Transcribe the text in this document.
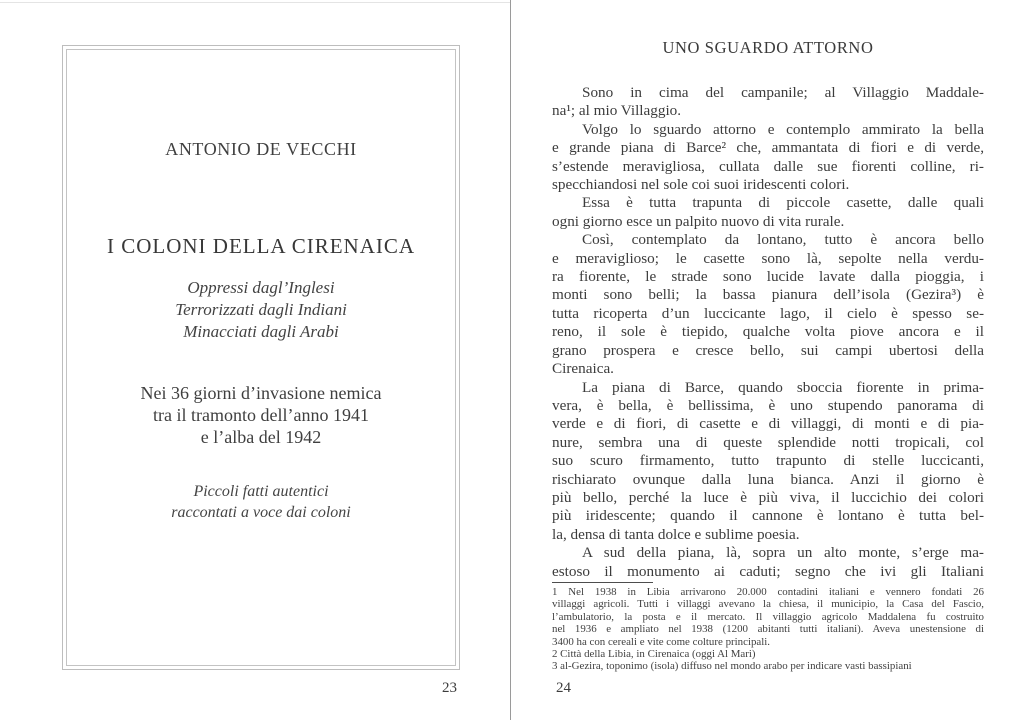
ANTONIO DE VECCHI
I COLONI DELLA CIRENAICA
Oppressi dagl’Inglesi
Terrorizzati dagli Indiani
Minacciati dagli Arabi
Nei 36 giorni d’invasione nemica
tra il tramonto dell’anno 1941
e l’alba del 1942
Piccoli fatti autentici
raccontati a voce dai coloni
23
UNO SGUARDO ATTORNO
Sono in cima del campanile; al Villaggio Maddale-
na¹; al mio Villaggio.
Volgo lo sguardo attorno e contemplo ammirato la bella
e grande piana di Barce² che, ammantata di fiori e di verde,
s’estende meravigliosa, cullata dalle sue fiorenti colline, ri-
specchiandosi nel sole coi suoi iridescenti colori.
Essa è tutta trapunta di piccole casette, dalle quali
ogni giorno esce un palpito nuovo di vita rurale.
Così, contemplato da lontano, tutto è ancora bello
e meraviglioso; le casette sono là, sepolte nella verdu-
ra fiorente, le strade sono lucide lavate dalla pioggia, i
monti sono belli; la bassa pianura dell’isola (Gezira³) è
tutta ricoperta d’un luccicante lago, il cielo è spesso se-
reno, il sole è tiepido, qualche volta piove ancora e il
grano prospera e cresce bello, sui campi ubertosi della
Cirenaica.
La piana di Barce, quando sboccia fiorente in prima-
vera, è bella, è bellissima, è uno stupendo panorama di
verde e di fiori, di casette e di villaggi, di monti e di pia-
nure, sembra una di queste splendide notti tropicali, col
suo scuro firmamento, tutto trapunto di stelle luccicanti,
rischiarato ovunque dalla luna bianca. Anzi il giorno è
più bello, perché la luce è più viva, il luccichio dei colori
più iridescente; quando il cannone è lontano è tutta bel-
la, densa di tanta dolce e sublime poesia.
A sud della piana, là, sopra un alto monte, s’erge ma-
estoso il monumento ai caduti; segno che ivi gli Italiani
1 Nel 1938 in Libia arrivarono 20.000 contadini italiani e vennero fondati 26
villaggi agricoli. Tutti i villaggi avevano la chiesa, il municipio, la Casa del Fascio,
l’ambulatorio, la posta e il mercato. Il villaggio agricolo Maddalena fu costruito
nel 1936 e ampliato nel 1938 (1200 abitanti tutti italiani). Aveva unestensione di
3400 ha con cereali e vite come colture principali.
2 Città della Libia, in Cirenaica (oggi Al Mari)
3 al-Gezira, toponimo (isola) diffuso nel mondo arabo per indicare vasti bassipiani
24
